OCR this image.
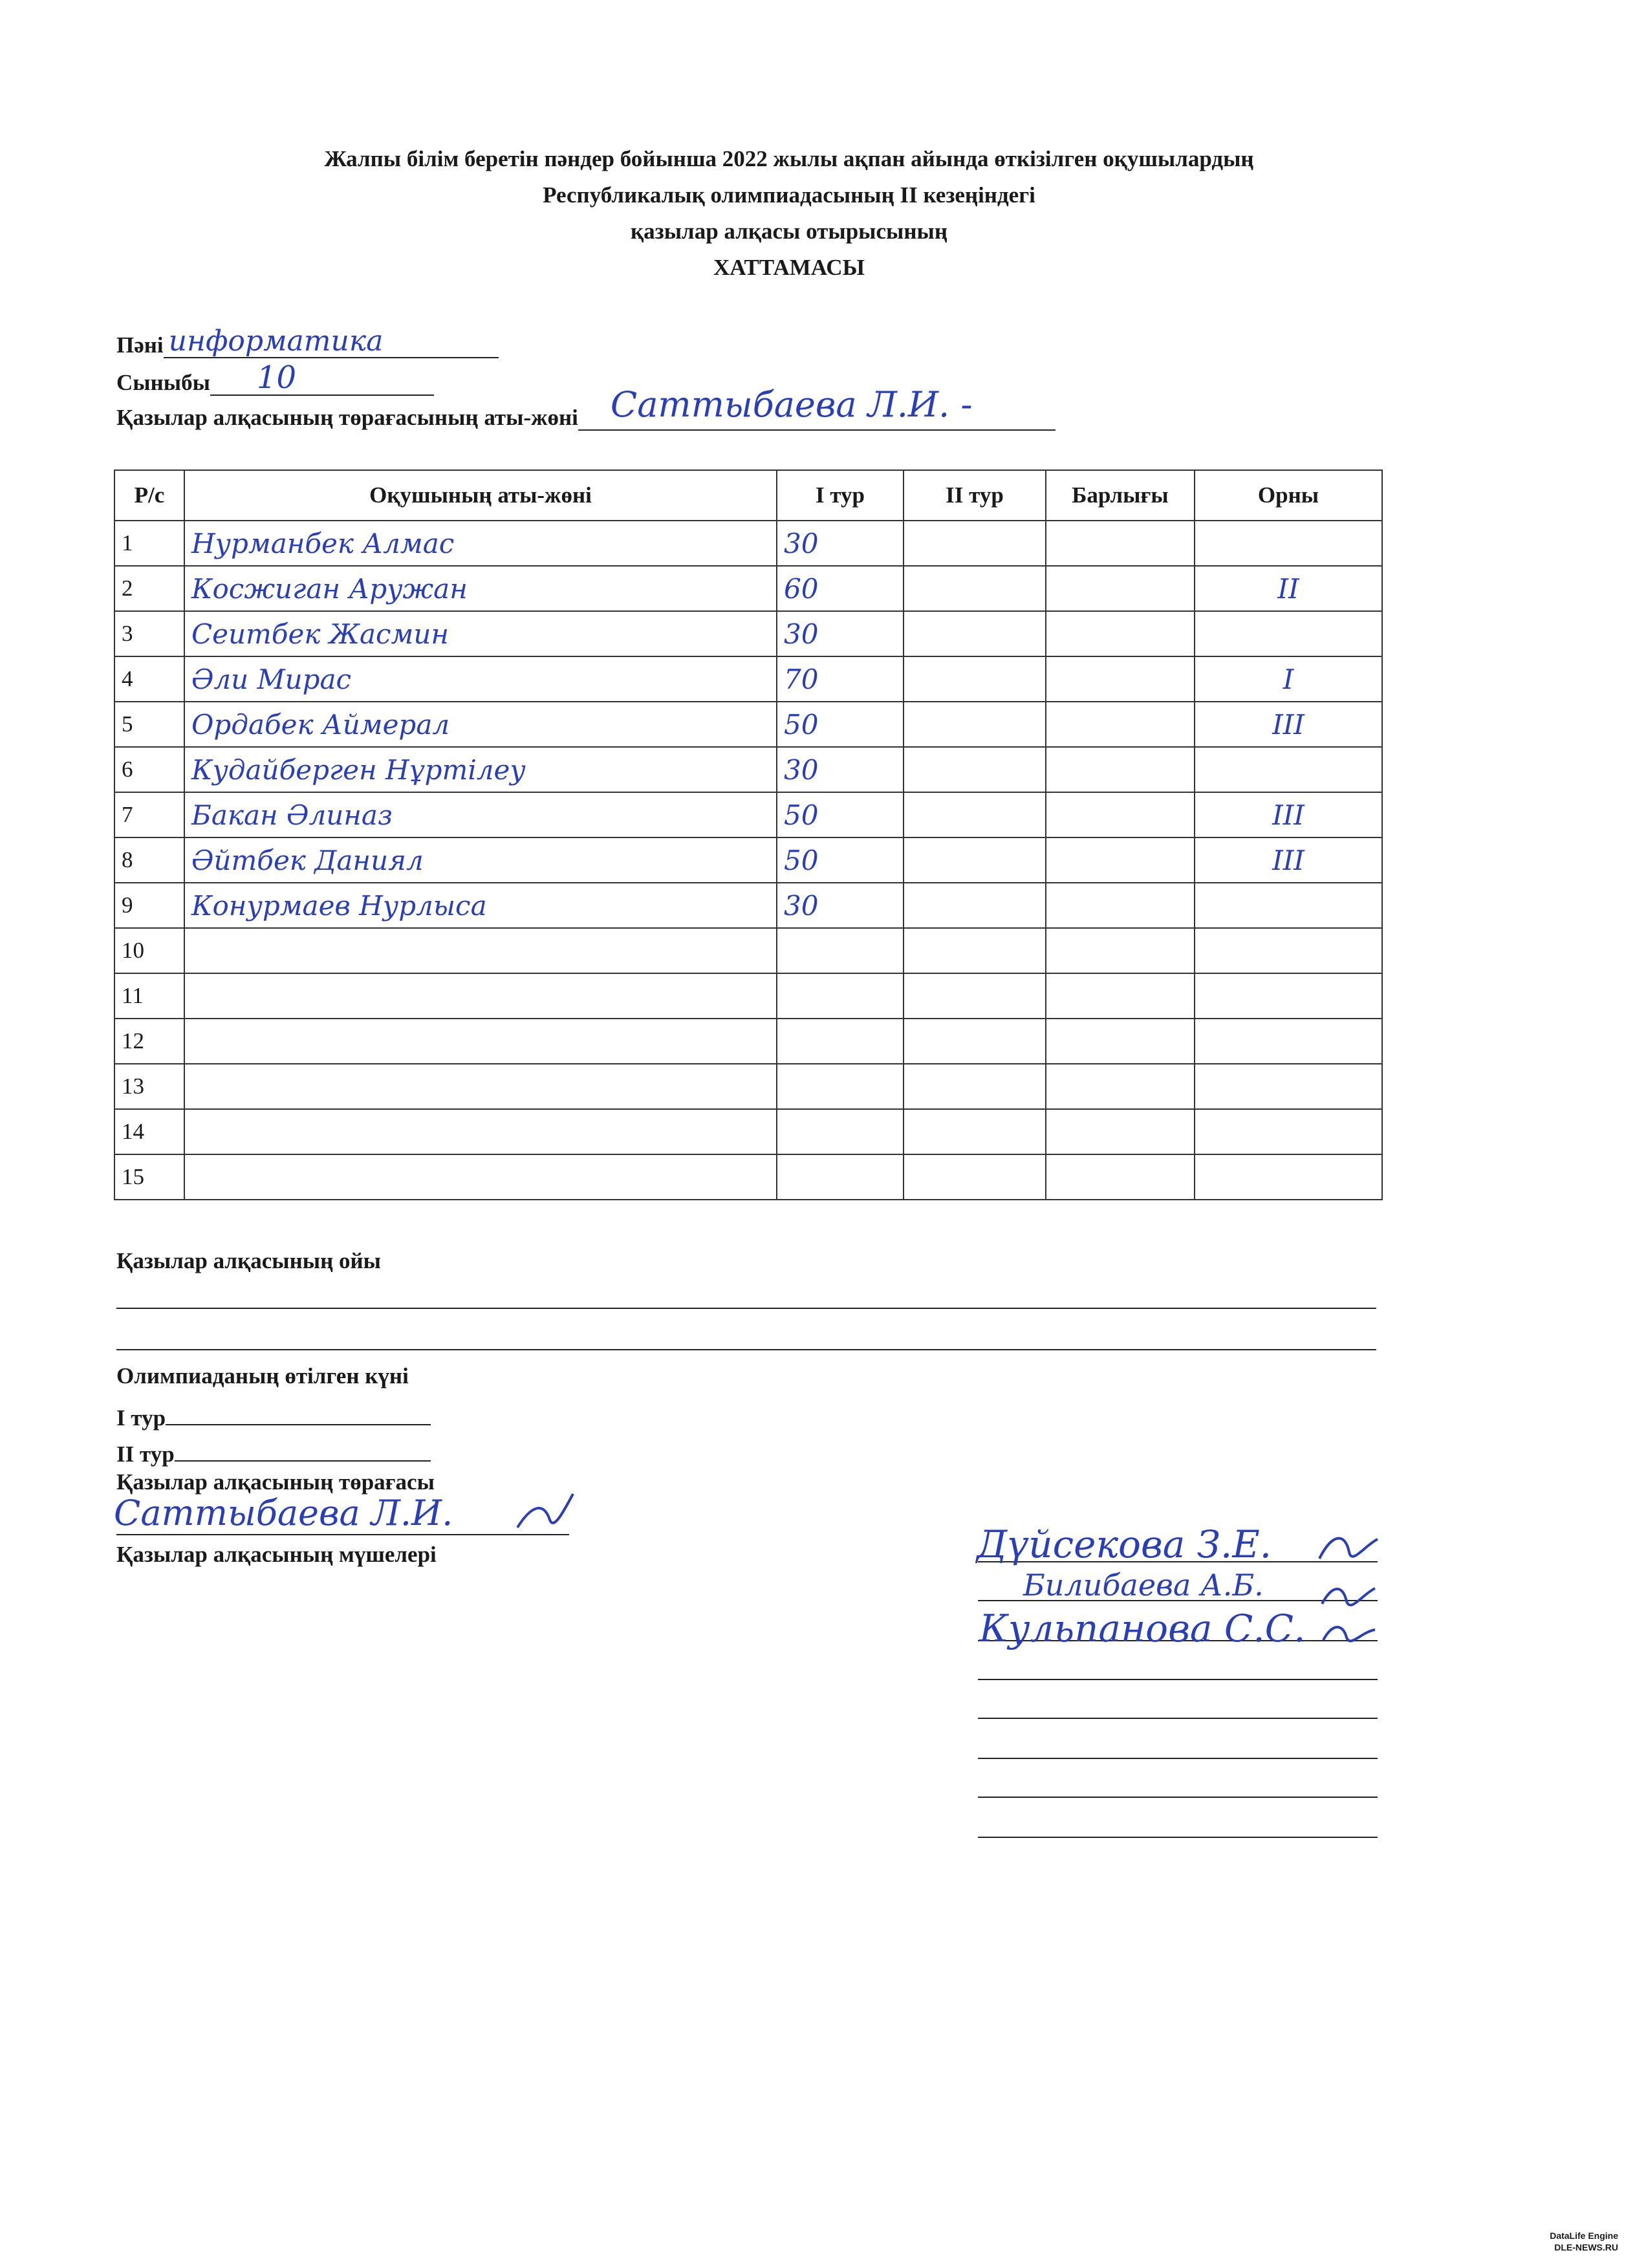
Жалпы білім беретін пәндер бойынша 2022 жылы ақпан айында өткізілген оқушылардың
Республикалық олимпиадасының II кезеңіндегі
қазылар алқасы отырысының
ХАТТАМАСЫ
Пәні информатика
Сыныбы 10
Қазылар алқасының төрағасының аты-жөні Саттыбаева Л.И. -
Р/с	Оқушының аты-жөні	I тур	II тур	Барлығы	Орны
1	Нурманбек Алмас	30			
2	Косжиган Аружан	60			II
3	Сеитбек Жасмин	30			
4	Әли Мирас	70			I
5	Ордабек Аймерал	50			III
6	Кудайберген Нұртілеу	30			
7	Бакан Әлиназ	50			III
8	Әйтбек Даниял	50			III
9	Конурмаев Нурлыса	30			
10					
11					
12					
13					
14					
15					
Қазылар алқасының ойы
Олимпиаданың өтілген күні
I тур
II тур
Қазылар алқасының төрағасы
Саттыбаева Л.И.
Қазылар алқасының мүшелері	Дүйсекова З.Е.
Билибаева А.Б.
Кульпанова С.С.
DataLife Engine
DLE-NEWS.RU
